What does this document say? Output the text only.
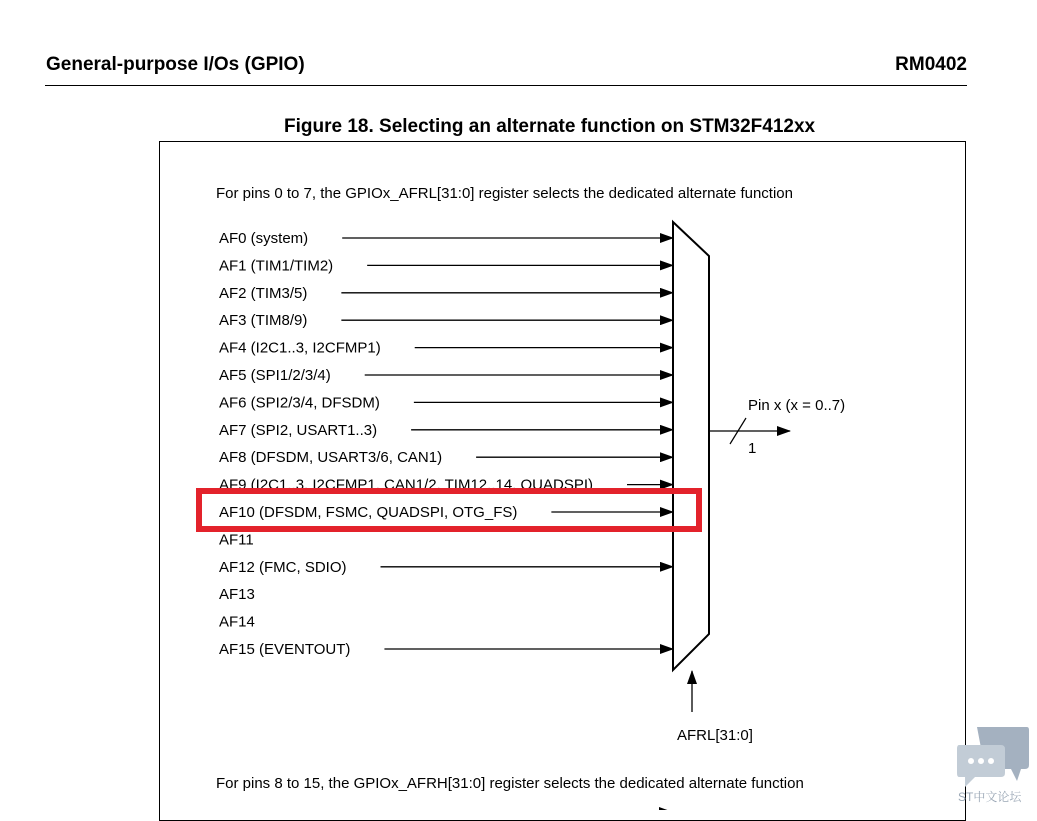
General-purpose I/Os (GPIO)	RM0402
Figure 18. Selecting an alternate function on STM32F412xx
For pins 0 to 7, the GPIOx_AFRL[31:0] register selects the dedicated alternate function
AF0 (system)
AF1 (TIM1/TIM2)
AF2 (TIM3/5)
AF3 (TIM8/9)
AF4 (I2C1..3, I2CFMP1)
AF5 (SPI1/2/3/4)
AF6 (SPI2/3/4, DFSDM)
AF7 (SPI2, USART1..3)
AF8 (DFSDM, USART3/6, CAN1)
AF9 (I2C1..3, I2CFMP1, CAN1/2, TIM12..14, QUADSPI)
AF10 (DFSDM, FSMC, QUADSPI, OTG_FS)
AF11
AF12 (FMC, SDIO)
AF13
AF14
AF15 (EVENTOUT)
Pin x (x = 0..7)
1
AFRL[31:0]
For pins 8 to 15, the GPIOx_AFRH[31:0] register selects the dedicated alternate function
ST中文论坛
